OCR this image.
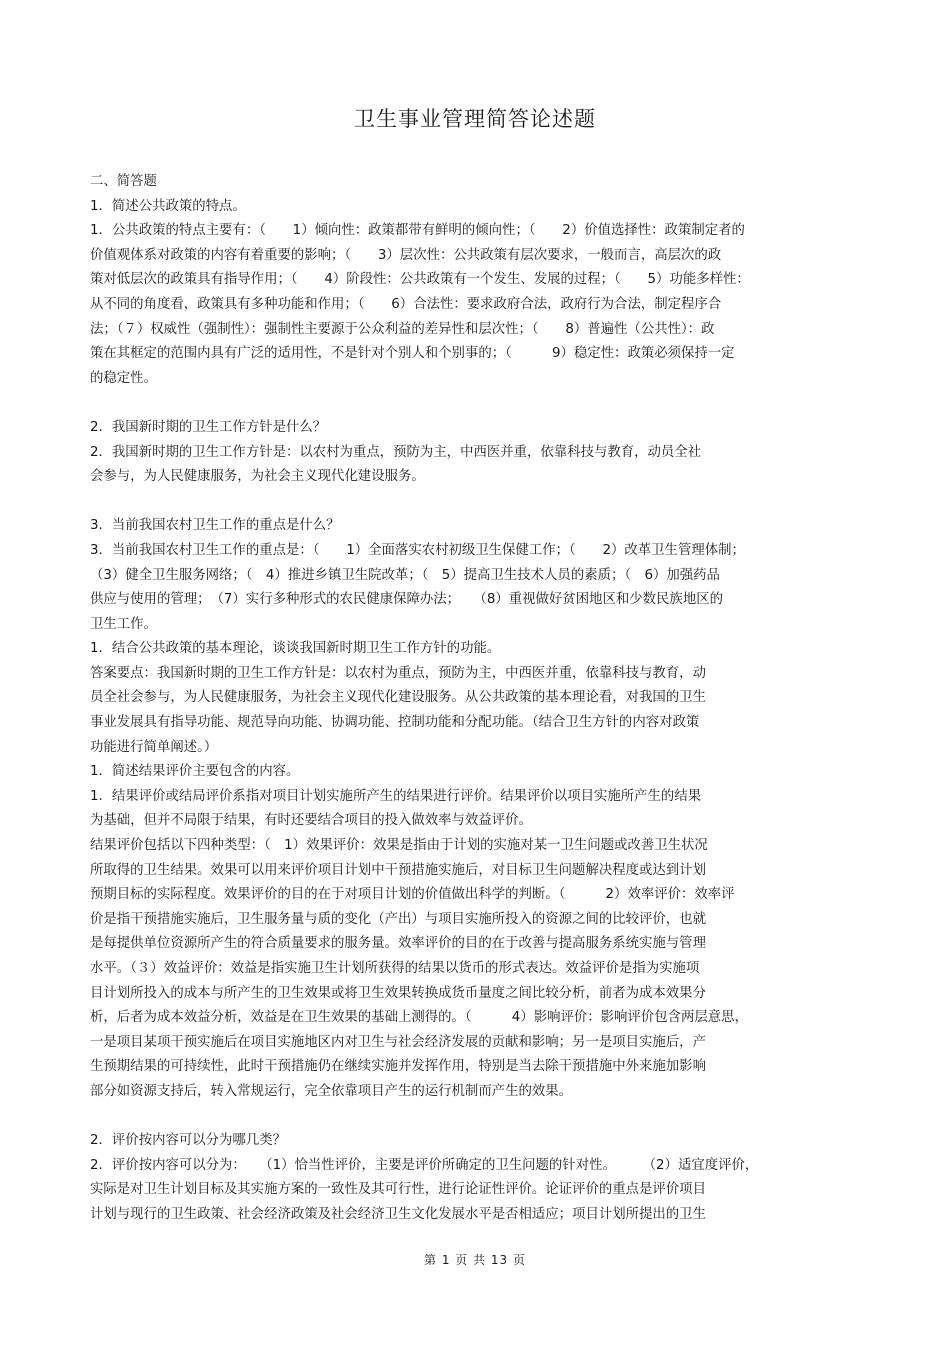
卫生事业管理简答论述题
二、简答题
1．简述公共政策的特点。
1．公共政策的特点主要有：（　　1）倾向性：政策都带有鲜明的倾向性；（　　2）价值选择性：政策制定者的
价值观体系对政策的内容有着重要的影响；（　　3）层次性：公共政策有层次要求，一般而言，高层次的政
策对低层次的政策具有指导作用；（　　4）阶段性：公共政策有一个发生、发展的过程；（　　5）功能多样性：
从不同的角度看，政策具有多种功能和作用；（　　6）合法性：要求政府合法，政府行为合法，制定程序合
法；（７）权威性（强制性）：强制性主要源于公众利益的差异性和层次性；（　　8）普遍性（公共性）：政
策在其框定的范围内具有广泛的适用性，不是针对个别人和个别事的；（　　　9）稳定性：政策必须保持一定
的稳定性。
2．我国新时期的卫生工作方针是什么？
2．我国新时期的卫生工作方针是：以农村为重点，预防为主，中西医并重，依靠科技与教育，动员全社
会参与，为人民健康服务，为社会主义现代化建设服务。
3．当前我国农村卫生工作的重点是什么？
3．当前我国农村卫生工作的重点是：（　　1）全面落实农村初级卫生保健工作；（　　2）改革卫生管理体制；
（3）健全卫生服务网络；（　4）推进乡镇卫生院改革；（　5）提高卫生技术人员的素质；（　6）加强药品
供应与使用的管理；　（7）实行多种形式的农民健康保障办法；　　（8）重视做好贫困地区和少数民族地区的
卫生工作。
1．结合公共政策的基本理论，谈谈我国新时期卫生工作方针的功能。
答案要点：我国新时期的卫生工作方针是：以农村为重点，预防为主，中西医并重，依靠科技与教育，动
员全社会参与，为人民健康服务，为社会主义现代化建设服务。从公共政策的基本理论看，对我国的卫生
事业发展具有指导功能、规范导向功能、协调功能、控制功能和分配功能。（结合卫生方针的内容对政策
功能进行简单阐述。）
1．简述结果评价主要包含的内容。
1．结果评价或结局评价系指对项目计划实施所产生的结果进行评价。结果评价以项目实施所产生的结果
为基础，但并不局限于结果，有时还要结合项目的投入做效率与效益评价。
结果评价包括以下四种类型：（　1）效果评价：效果是指由于计划的实施对某一卫生问题或改善卫生状况
所取得的卫生结果。效果可以用来评价项目计划中干预措施实施后，对目标卫生问题解决程度或达到计划
预期目标的实际程度。效果评价的目的在于对项目计划的价值做出科学的判断。（　　　2）效率评价：效率评
价是指干预措施实施后，卫生服务量与质的变化（产出）与项目实施所投入的资源之间的比较评价，也就
是每提供单位资源所产生的符合质量要求的服务量。效率评价的目的在于改善与提高服务系统实施与管理
水平。（３）效益评价：效益是指实施卫生计划所获得的结果以货币的形式表达。效益评价是指为实施项
目计划所投入的成本与所产生的卫生效果或将卫生效果转换成货币量度之间比较分析，前者为成本效果分
析，后者为成本效益分析，效益是在卫生效果的基础上测得的。（　　　4）影响评价：影响评价包含两层意思，
一是项目某项干预实施后在项目实施地区内对卫生与社会经济发展的贡献和影响；另一是项目实施后，产
生预期结果的可持续性，此时干预措施仍在继续实施并发挥作用，特别是当去除干预措施中外来施加影响
部分如资源支持后，转入常规运行，完全依靠项目产生的运行机制而产生的效果。
2．评价按内容可以分为哪几类？
2．评价按内容可以分为：　　（1）恰当性评价，主要是评价所确定的卫生问题的针对性。　　　（2）适宜度评价，
实际是对卫生计划目标及其实施方案的一致性及其可行性，进行论证性评价。论证评价的重点是评价项目
计划与现行的卫生政策、社会经济政策及社会经济卫生文化发展水平是否相适应；项目计划所提出的卫生
第 1 页 共 13 页
